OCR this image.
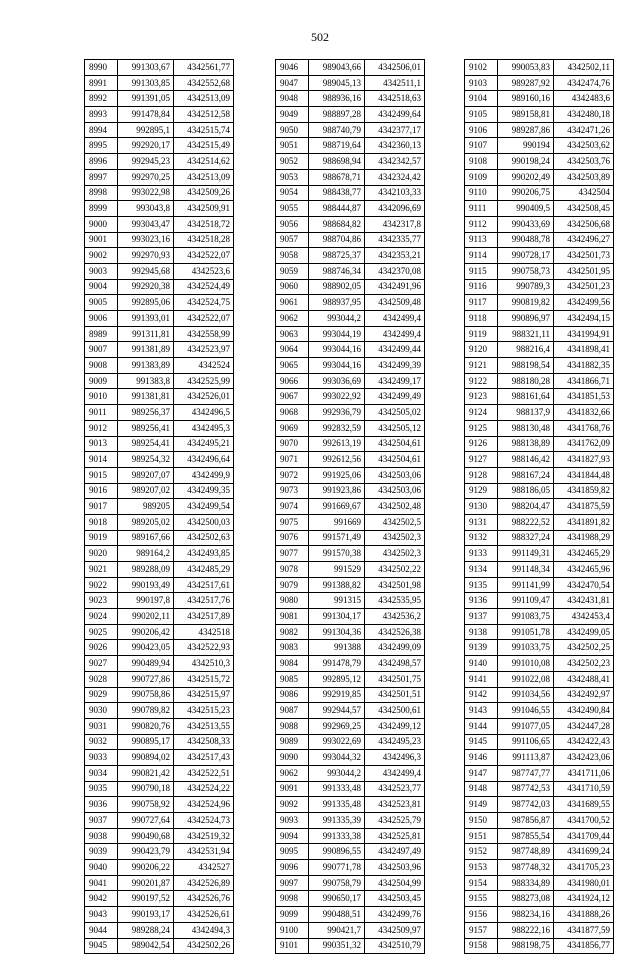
502
8990	991303,67	4342561,77
8991	991303,85	4342552,68
8992	991391,05	4342513,09
8993	991478,84	4342512,58
8994	992895,1	4342515,74
8995	992920,17	4342515,49
8996	992945,23	4342514,62
8997	992970,25	4342513,09
8998	993022,98	4342509,26
8999	993043,8	4342509,91
9000	993043,47	4342518,72
9001	993023,16	4342518,28
9002	992970,93	4342522,07
9003	992945,68	4342523,6
9004	992920,38	4342524,49
9005	992895,06	4342524,75
9006	991393,01	4342522,07
8989	991311,81	4342558,99
9007	991381,89	4342523,97
9008	991383,89	4342524
9009	991383,8	4342525,99
9010	991381,81	4342526,01
9011	989256,37	4342496,5
9012	989256,41	4342495,3
9013	989254,41	4342495,21
9014	989254,32	4342496,64
9015	989207,07	4342499,9
9016	989207,02	4342499,35
9017	989205	4342499,54
9018	989205,02	4342500,03
9019	989167,66	4342502,63
9020	989164,2	4342493,85
9021	989288,09	4342485,29
9022	990193,49	4342517,61
9023	990197,8	4342517,76
9024	990202,11	4342517,89
9025	990206,42	4342518
9026	990423,05	4342522,93
9027	990489,94	4342510,3
9028	990727,86	4342515,72
9029	990758,86	4342515,97
9030	990789,82	4342515,23
9031	990820,76	4342513,55
9032	990895,17	4342508,33
9033	990894,02	4342517,43
9034	990821,42	4342522,51
9035	990790,18	4342524,22
9036	990758,92	4342524,96
9037	990727,64	4342524,73
9038	990490,68	4342519,32
9039	990423,79	4342531,94
9040	990206,22	4342527
9041	990201,87	4342526,89
9042	990197,52	4342526,76
9043	990193,17	4342526,61
9044	989288,24	4342494,3
9045	989042,54	4342502,26
9046	989043,66	4342506,01
9047	989045,13	4342511,1
9048	988936,16	4342518,63
9049	988897,28	4342499,64
9050	988740,79	4342377,17
9051	988719,64	4342360,13
9052	988698,94	4342342,57
9053	988678,71	4342324,42
9054	988438,77	4342103,33
9055	988444,87	4342096,69
9056	988684,82	4342317,8
9057	988704,86	4342335,77
9058	988725,37	4342353,21
9059	988746,34	4342370,08
9060	988902,05	4342491,96
9061	988937,95	4342509,48
9062	993044,2	4342499,4
9063	993044,19	4342499,4
9064	993044,16	4342499,44
9065	993044,16	4342499,39
9066	993036,69	4342499,17
9067	993022,92	4342499,49
9068	992936,79	4342505,02
9069	992832,59	4342505,12
9070	992613,19	4342504,61
9071	992612,56	4342504,61
9072	991925,06	4342503,06
9073	991923,86	4342503,06
9074	991669,67	4342502,48
9075	991669	4342502,5
9076	991571,49	4342502,3
9077	991570,38	4342502,3
9078	991529	4342502,22
9079	991388,82	4342501,98
9080	991315	4342535,95
9081	991304,17	4342536,2
9082	991304,36	4342526,38
9083	991388	4342499,09
9084	991478,79	4342498,57
9085	992895,12	4342501,75
9086	992919,85	4342501,51
9087	992944,57	4342500,61
9088	992969,25	4342499,12
9089	993022,69	4342495,23
9090	993044,32	4342496,3
9062	993044,2	4342499,4
9091	991333,48	4342523,77
9092	991335,48	4342523,81
9093	991335,39	4342525,79
9094	991333,38	4342525,81
9095	990896,55	4342497,49
9096	990771,78	4342503,96
9097	990758,79	4342504,99
9098	990650,17	4342503,45
9099	990488,51	4342499,76
9100	990421,7	4342509,97
9101	990351,32	4342510,79
9102	990053,83	4342502,11
9103	989287,92	4342474,76
9104	989160,16	4342483,6
9105	989158,81	4342480,18
9106	989287,86	4342471,26
9107	990194	4342503,62
9108	990198,24	4342503,76
9109	990202,49	4342503,89
9110	990206,75	4342504
9111	990409,5	4342508,45
9112	990433,69	4342506,68
9113	990488,78	4342496,27
9114	990728,17	4342501,73
9115	990758,73	4342501,95
9116	990789,3	4342501,23
9117	990819,82	4342499,56
9118	990896,97	4342494,15
9119	988321,11	4341994,91
9120	988216,4	4341898,41
9121	988198,54	4341882,35
9122	988180,28	4341866,71
9123	988161,64	4341851,53
9124	988137,9	4341832,66
9125	988130,48	4341768,76
9126	988138,89	4341762,09
9127	988146,42	4341827,93
9128	988167,24	4341844,48
9129	988186,05	4341859,82
9130	988204,47	4341875,59
9131	988222,52	4341891,82
9132	988327,24	4341988,29
9133	991149,31	4342465,29
9134	991148,34	4342465,96
9135	991141,99	4342470,54
9136	991109,47	4342431,81
9137	991083,75	4342453,4
9138	991051,78	4342499,05
9139	991033,75	4342502,25
9140	991010,08	4342502,23
9141	991022,08	4342488,41
9142	991034,56	4342492,97
9143	991046,55	4342490,84
9144	991077,05	4342447,28
9145	991106,65	4342422,43
9146	991113,87	4342423,06
9147	987747,77	4341711,06
9148	987742,53	4341710,59
9149	987742,03	4341689,55
9150	987856,87	4341700,52
9151	987855,54	4341709,44
9152	987748,89	4341699,24
9153	987748,32	4341705,23
9154	988334,89	4341980,01
9155	988273,08	4341924,12
9156	988234,16	4341888,26
9157	988222,16	4341877,59
9158	988198,75	4341856,77
